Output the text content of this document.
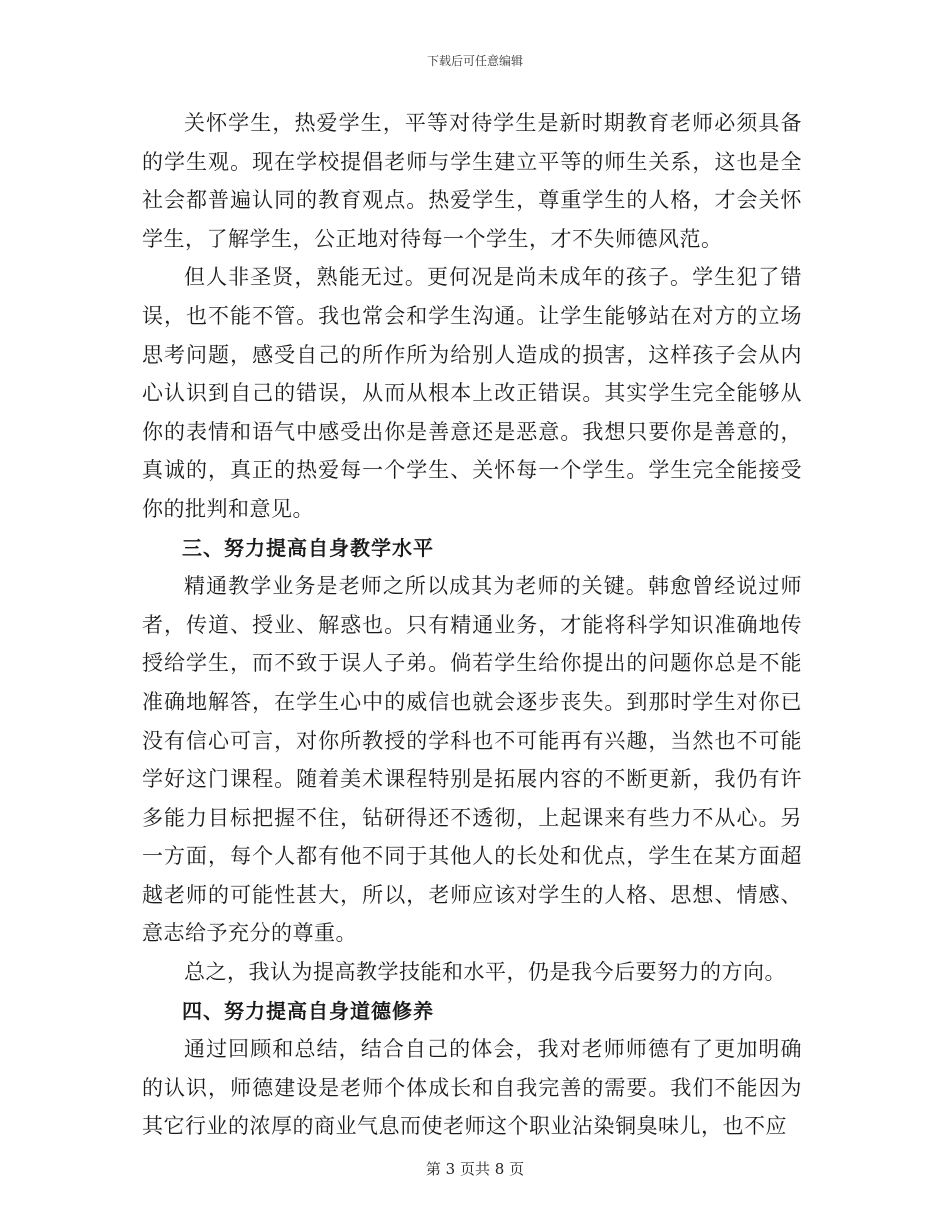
下载后可任意编辑

关怀学生，热爱学生，平等对待学生是新时期教育老师必须具备的学生观。现在学校提倡老师与学生建立平等的师生关系，这也是全社会都普遍认同的教育观点。热爱学生，尊重学生的人格，才会关怀学生，了解学生，公正地对待每一个学生，才不失师德风范。

但人非圣贤，熟能无过。更何况是尚未成年的孩子。学生犯了错误，也不能不管。我也常会和学生沟通。让学生能够站在对方的立场思考问题，感受自己的所作所为给别人造成的损害，这样孩子会从内心认识到自己的错误，从而从根本上改正错误。其实学生完全能够从你的表情和语气中感受出你是善意还是恶意。我想只要你是善意的，真诚的，真正的热爱每一个学生、关怀每一个学生。学生完全能接受你的批判和意见。

三、努力提高自身教学水平

精通教学业务是老师之所以成其为老师的关键。韩愈曾经说过师者，传道、授业、解惑也。只有精通业务，才能将科学知识准确地传授给学生，而不致于误人子弟。倘若学生给你提出的问题你总是不能准确地解答，在学生心中的威信也就会逐步丧失。到那时学生对你已没有信心可言，对你所教授的学科也不可能再有兴趣，当然也不可能学好这门课程。随着美术课程特别是拓展内容的不断更新，我仍有许多能力目标把握不住，钻研得还不透彻，上起课来有些力不从心。另一方面，每个人都有他不同于其他人的长处和优点，学生在某方面超越老师的可能性甚大，所以，老师应该对学生的人格、思想、情感、意志给予充分的尊重。

总之，我认为提高教学技能和水平，仍是我今后要努力的方向。

四、努力提高自身道德修养

通过回顾和总结，结合自己的体会，我对老师师德有了更加明确的认识，师德建设是老师个体成长和自我完善的需要。我们不能因为其它行业的浓厚的商业气息而使老师这个职业沾染铜臭味儿，也不应

第 3 页共 8 页
